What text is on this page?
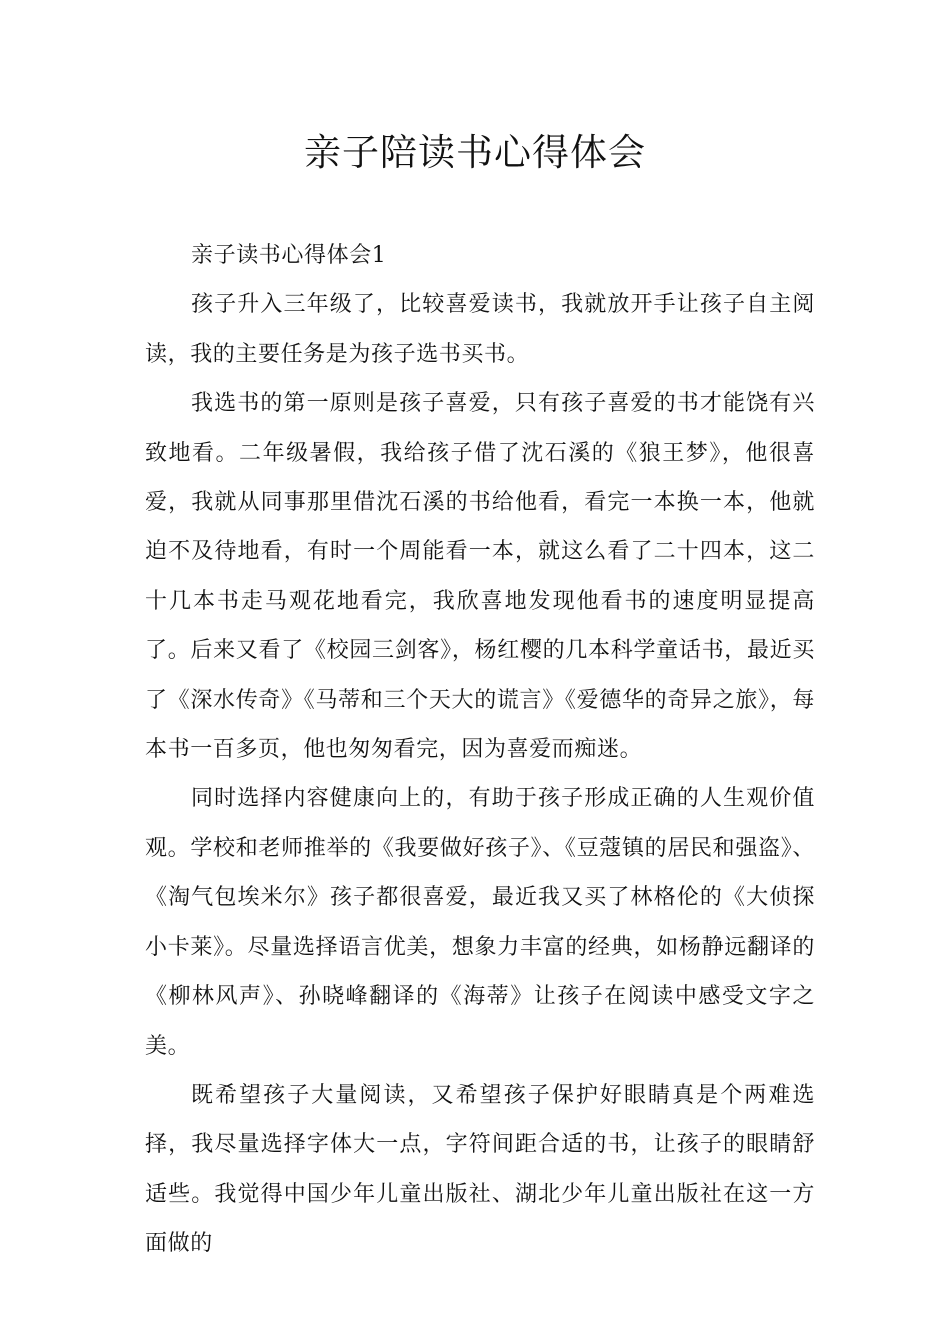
亲子陪读书心得体会

亲子读书心得体会1

孩子升入三年级了，比较喜爱读书，我就放开手让孩子自主阅读，我的主要任务是为孩子选书买书。

我选书的第一原则是孩子喜爱，只有孩子喜爱的书才能饶有兴致地看。二年级暑假，我给孩子借了沈石溪的《狼王梦》，他很喜爱，我就从同事那里借沈石溪的书给他看，看完一本换一本，他就迫不及待地看，有时一个周能看一本，就这么看了二十四本，这二十几本书走马观花地看完，我欣喜地发现他看书的速度明显提高了。后来又看了《校园三剑客》，杨红樱的几本科学童话书，最近买了《深水传奇》《马蒂和三个天大的谎言》《爱德华的奇异之旅》，每本书一百多页，他也匆匆看完，因为喜爱而痴迷。

同时选择内容健康向上的，有助于孩子形成正确的人生观价值观。学校和老师推举的《我要做好孩子》、《豆蔻镇的居民和强盗》、《淘气包埃米尔》孩子都很喜爱，最近我又买了林格伦的《大侦探小卡莱》。尽量选择语言优美，想象力丰富的经典，如杨静远翻译的《柳林风声》、孙晓峰翻译的《海蒂》让孩子在阅读中感受文字之美。

既希望孩子大量阅读，又希望孩子保护好眼睛真是个两难选择，我尽量选择字体大一点，字符间距合适的书，让孩子的眼睛舒适些。我觉得中国少年儿童出版社、湖北少年儿童出版社在这一方面做的
